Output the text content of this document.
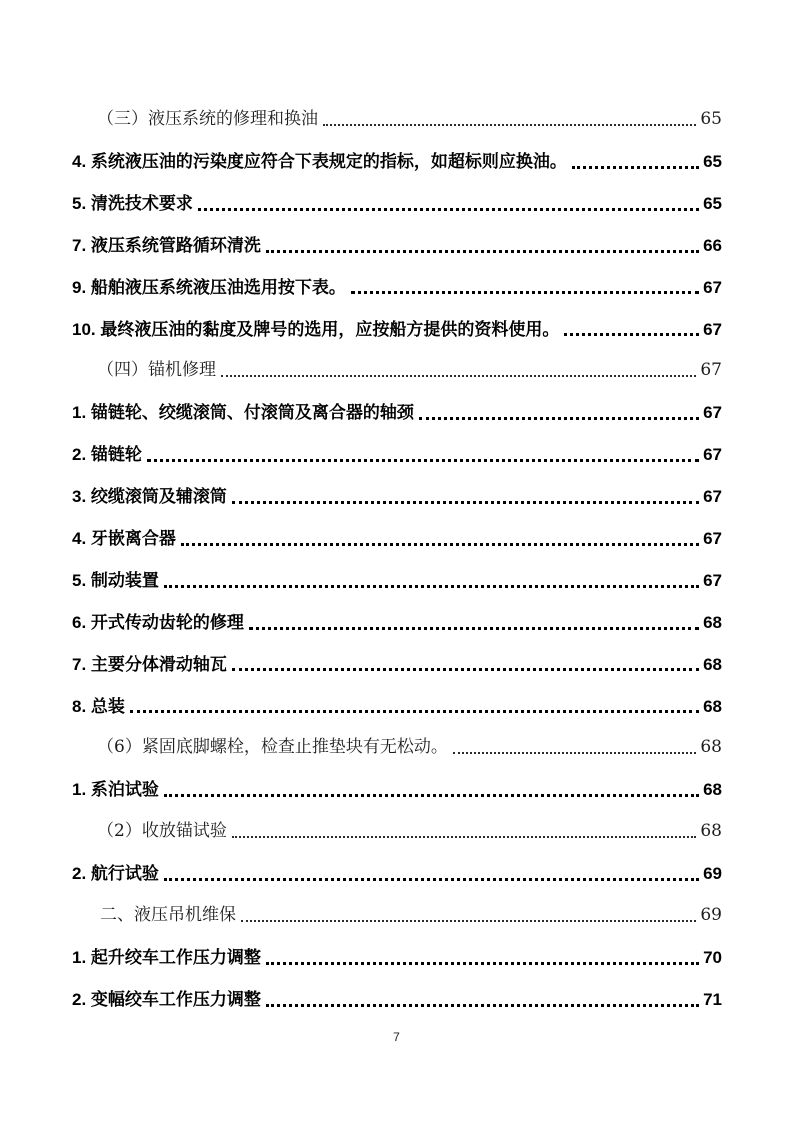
（三）液压系统的修理和换油	65
4. 系统液压油的污染度应符合下表规定的指标，如超标则应换油。	65
5. 清洗技术要求	65
7. 液压系统管路循环清洗	66
9. 船舶液压系统液压油选用按下表。	67
10. 最终液压油的黏度及牌号的选用，应按船方提供的资料使用。	67
（四）锚机修理	67
1. 锚链轮、绞缆滚筒、付滚筒及离合器的轴颈	67
2. 锚链轮	67
3. 绞缆滚筒及辅滚筒	67
4. 牙嵌离合器	67
5. 制动装置	67
6. 开式传动齿轮的修理	68
7. 主要分体滑动轴瓦	68
8. 总装	68
（6）紧固底脚螺栓，检查止推垫块有无松动。	68
1. 系泊试验	68
（2）收放锚试验	68
2. 航行试验	69
二、液压吊机维保	69
1. 起升绞车工作压力调整	70
2. 变幅绞车工作压力调整	71
7
